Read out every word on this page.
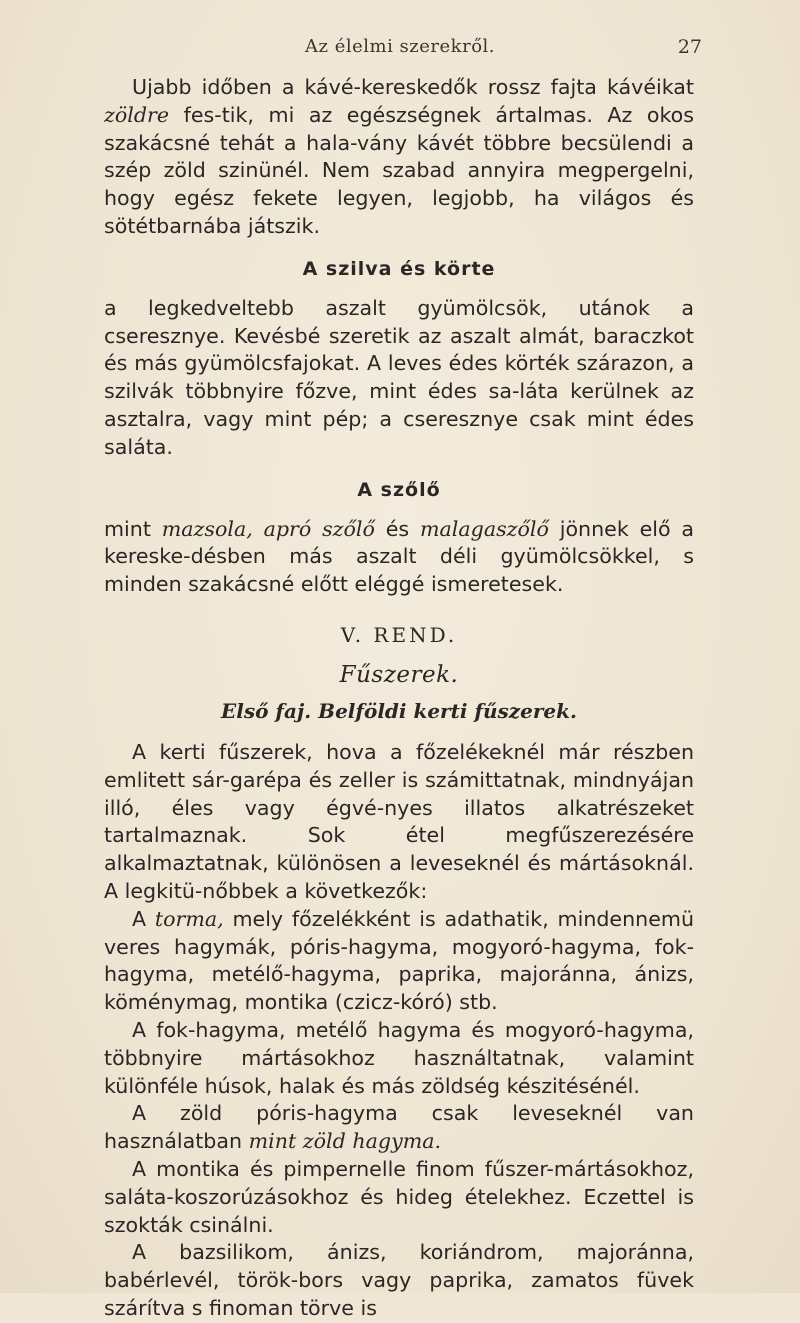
Az élelmi szerekről.	27

Ujabb időben a kávé-kereskedők rossz fajta kávéikat zöldre fes-tik, mi az egészségnek ártalmas. Az okos szakácsné tehát a hala-vány kávét többre becsülendi a szép zöld szinünél. Nem szabad annyira megpergelni, hogy egész fekete legyen, legjobb, ha világos és sötétbarnába játszik.

A szilva és körte

a legkedveltebb aszalt gyümölcsök, utánok a cseresznye. Kevésbé szeretik az aszalt almát, baraczkot és más gyümölcsfajokat. A leves édes körték szárazon, a szilvák többnyire főzve, mint édes sa-láta kerülnek az asztalra, vagy mint pép; a cseresznye csak mint édes saláta.

A szőlő

mint mazsola, apró szőlő és malagaszőlő jönnek elő a kereske-désben más aszalt déli gyümölcsökkel, s minden szakácsné előtt eléggé ismeretesek.

V. REND.
Fűszerek.
Első faj. Belföldi kerti fűszerek.

A kerti fűszerek, hova a főzelékeknél már részben emlitett sár-garépa és zeller is számittatnak, mindnyájan illó, éles vagy égvé-nyes illatos alkatrészeket tartalmaznak. Sok étel megfűszerezésére alkalmaztatnak, különösen a leveseknél és mártásoknál. A legkitü-nőbbek a következők:

A torma, mely főzelékként is adathatik, mindennemü veres hagymák, póris-hagyma, mogyoró-hagyma, fok-hagyma, metélő-hagyma, paprika, majoránna, ánizs, köménymag, montika (czicz-kóró) stb.

A fok-hagyma, metélő hagyma és mogyoró-hagyma, többnyire mártásokhoz használtatnak, valamint különféle húsok, halak és más zöldség készitésénél.

A zöld póris-hagyma csak leveseknél van használatban mint zöld hagyma.

A montika és pimpernelle finom fűszer-mártásokhoz, saláta-koszorúzásokhoz és hideg ételekhez. Eczettel is szokták csinálni.

A bazsilikom, ánizs, koriándrom, majoránna, babérlevél, török-bors vagy paprika, zamatos füvek szárítva s finoman törve is
